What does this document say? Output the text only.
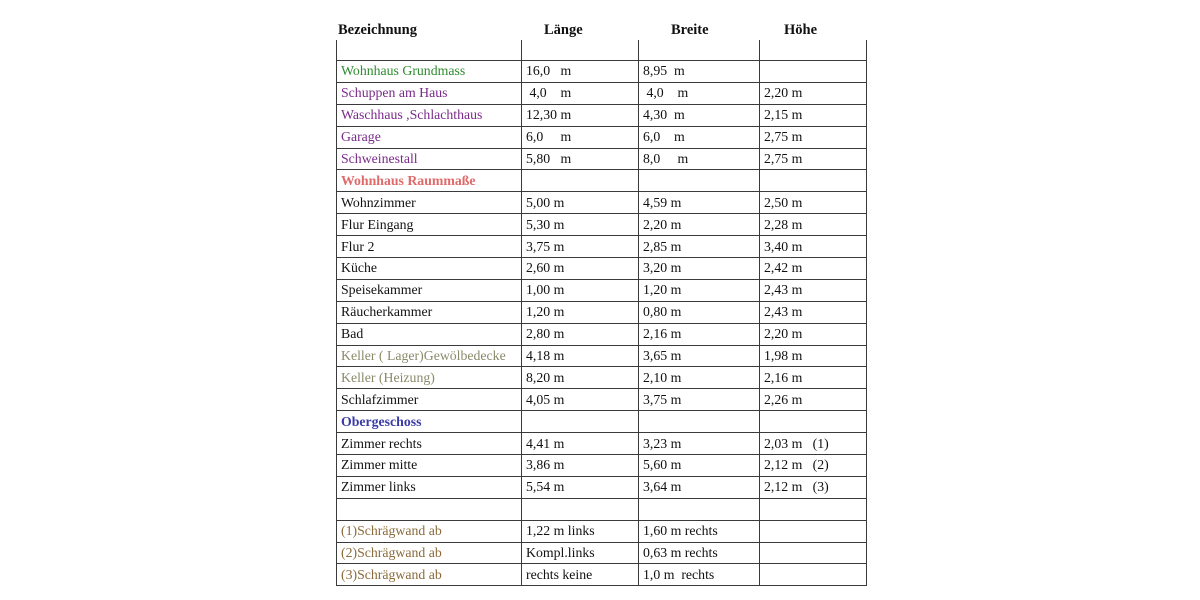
Bezeichnung	Länge	Breite	Höhe

Wohnhaus Grundmass	16,0   m	8,95  m	
Schuppen am Haus	4,0    m	4,0    m	2,20 m
Waschhaus ,Schlachthaus	12,30 m	4,30  m	2,15 m
Garage	6,0     m	6,0    m	2,75 m
Schweinestall	5,80   m	8,0     m	2,75 m
Wohnhaus Raummaße			
Wohnzimmer	5,00 m	4,59 m	2,50 m
Flur Eingang	5,30 m	2,20 m	2,28 m
Flur 2	3,75 m	2,85 m	3,40 m
Küche	2,60 m	3,20 m	2,42 m
Speisekammer	1,00 m	1,20 m	2,43 m
Räucherkammer	1,20 m	0,80 m	2,43 m
Bad	2,80 m	2,16 m	2,20 m
Keller ( Lager)Gewölbedecke	4,18 m	3,65 m	1,98 m
Keller (Heizung)	8,20 m	2,10 m	2,16 m
Schlafzimmer	4,05 m	3,75 m	2,26 m
Obergeschoss			
Zimmer rechts	4,41 m	3,23 m	2,03 m   (1)
Zimmer mitte	3,86 m	5,60 m	2,12 m   (2)
Zimmer links	5,54 m	3,64 m	2,12 m   (3)

(1)Schrägwand ab	1,22 m links	1,60 m rechts	
(2)Schrägwand ab	Kompl.links	0,63 m rechts	
(3)Schrägwand ab	rechts keine	1,0 m  rechts	
